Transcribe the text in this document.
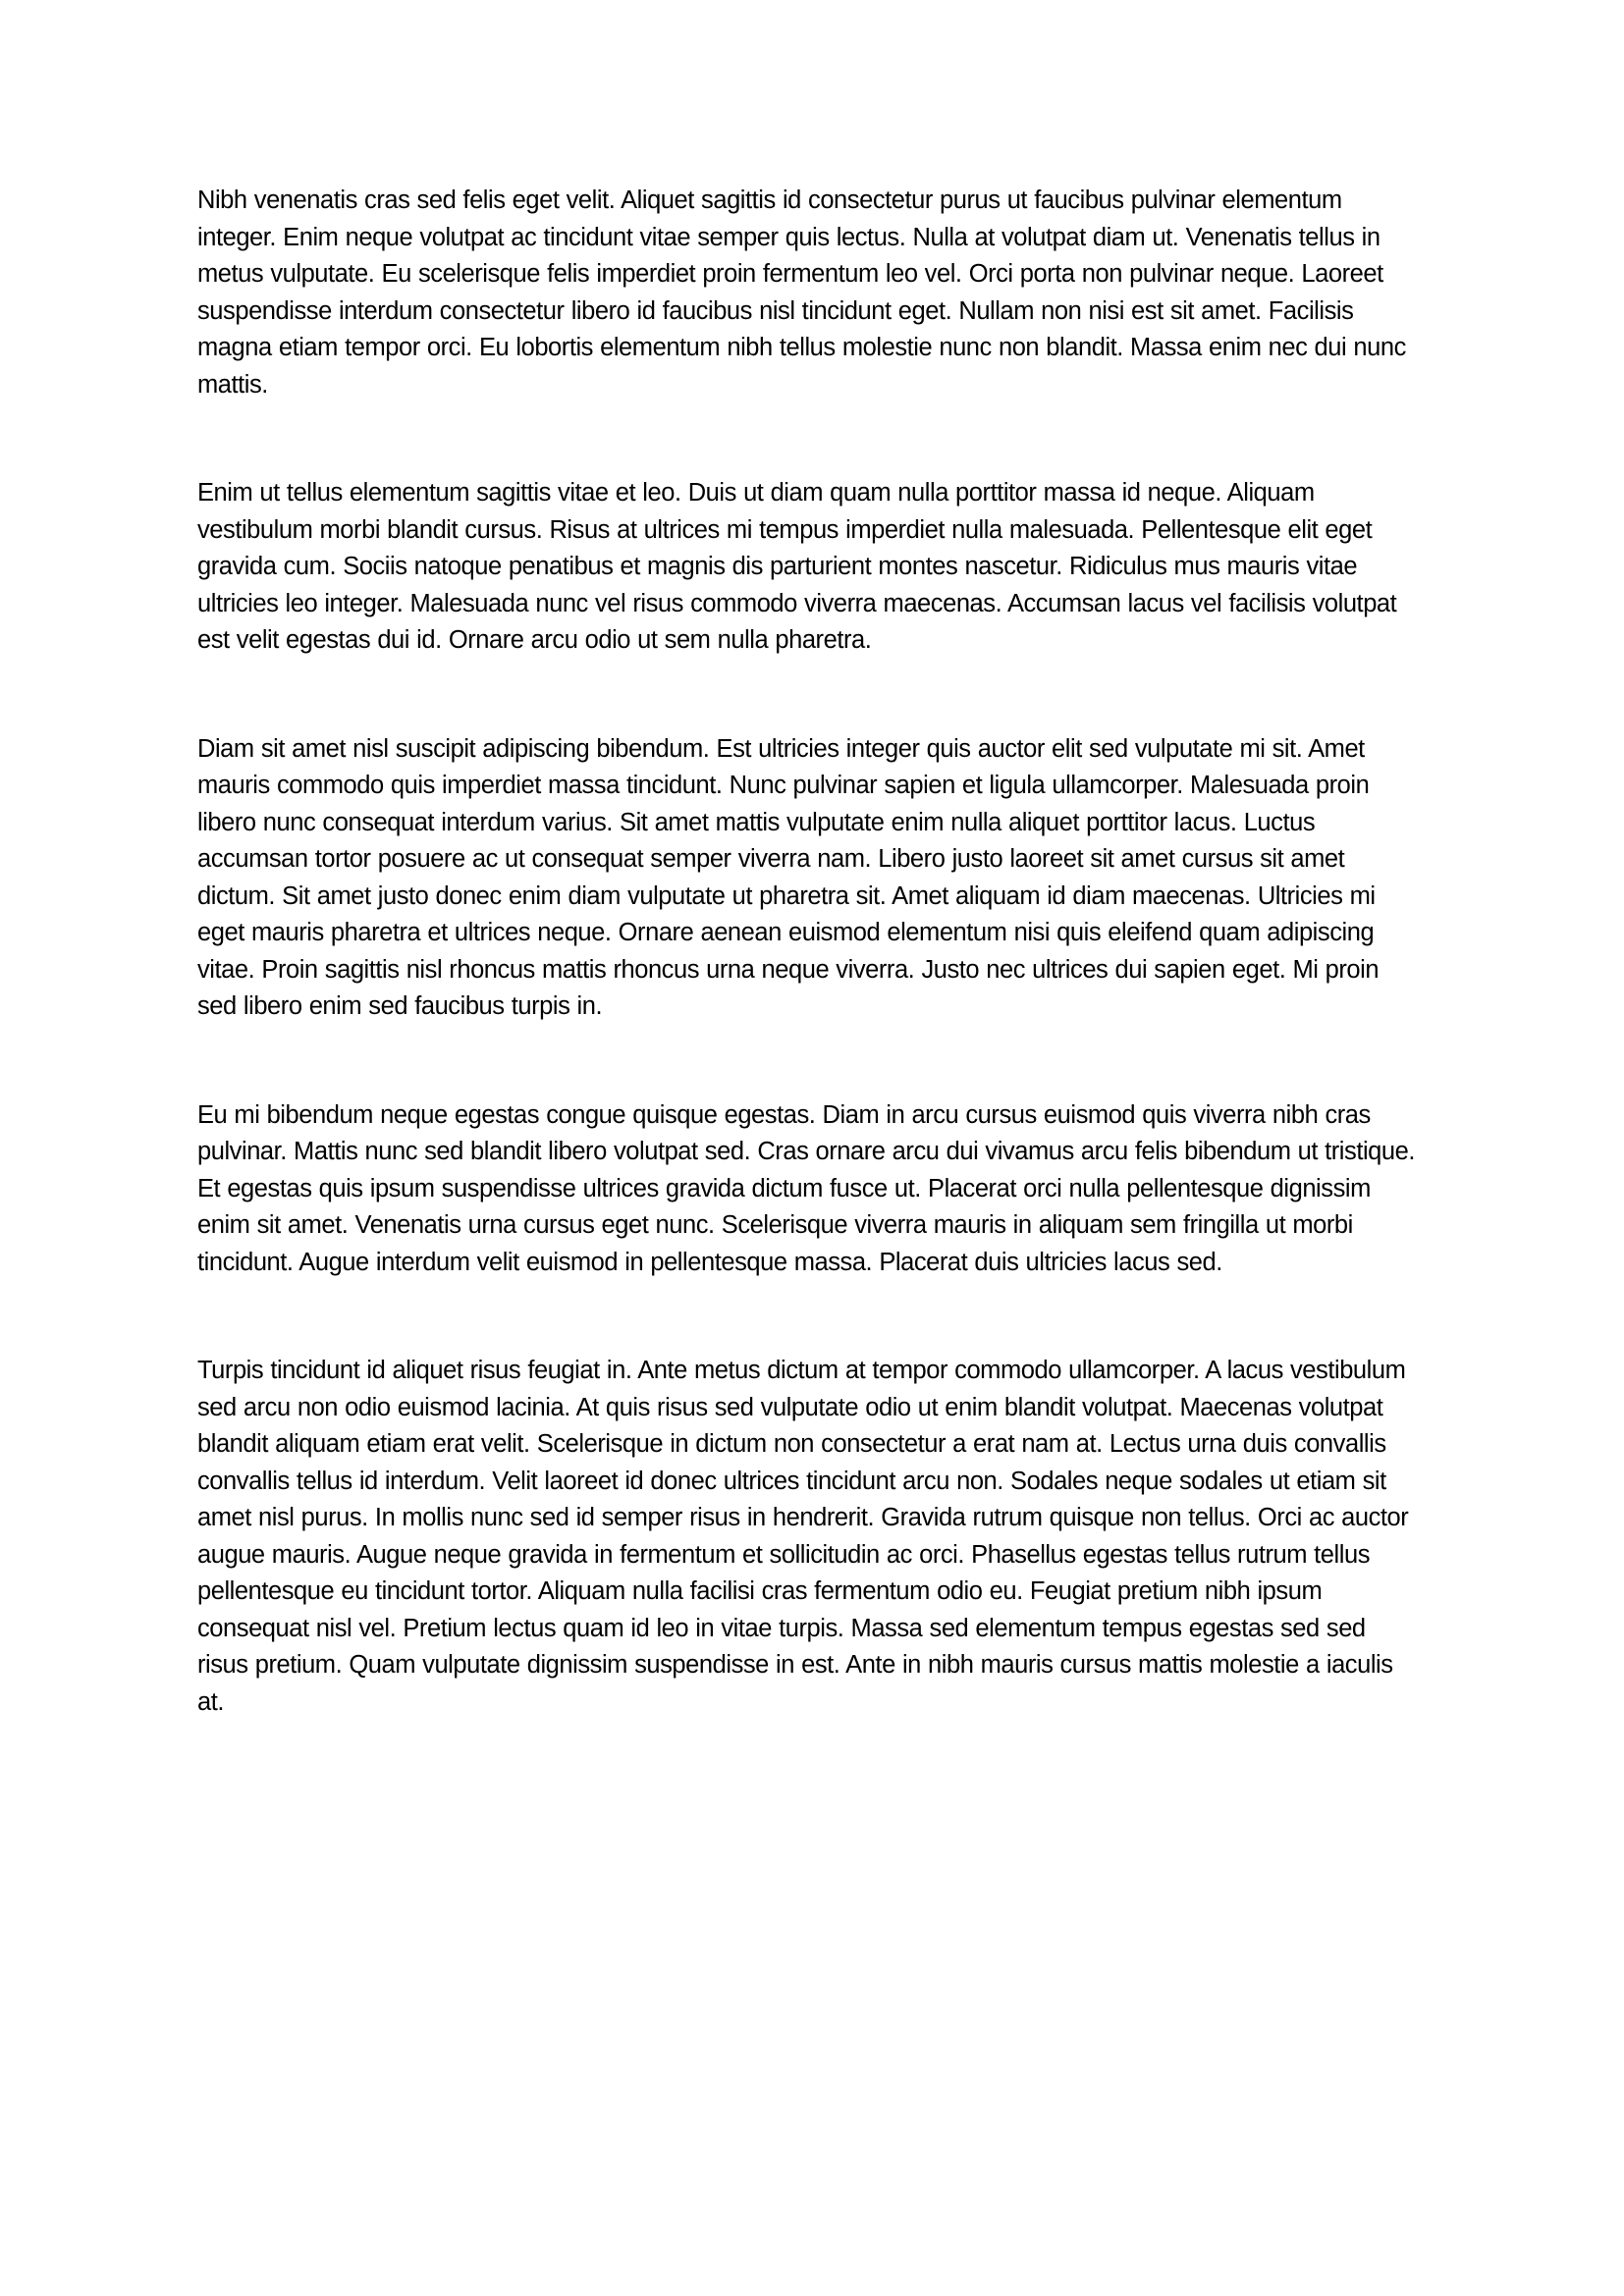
Nibh venenatis cras sed felis eget velit. Aliquet sagittis id consectetur purus ut faucibus pulvinar elementum integer. Enim neque volutpat ac tincidunt vitae semper quis lectus. Nulla at volutpat diam ut. Venenatis tellus in metus vulputate. Eu scelerisque felis imperdiet proin fermentum leo vel. Orci porta non pulvinar neque. Laoreet suspendisse interdum consectetur libero id faucibus nisl tincidunt eget. Nullam non nisi est sit amet. Facilisis magna etiam tempor orci. Eu lobortis elementum nibh tellus molestie nunc non blandit. Massa enim nec dui nunc mattis.

Enim ut tellus elementum sagittis vitae et leo. Duis ut diam quam nulla porttitor massa id neque. Aliquam vestibulum morbi blandit cursus. Risus at ultrices mi tempus imperdiet nulla malesuada. Pellentesque elit eget gravida cum. Sociis natoque penatibus et magnis dis parturient montes nascetur. Ridiculus mus mauris vitae ultricies leo integer. Malesuada nunc vel risus commodo viverra maecenas. Accumsan lacus vel facilisis volutpat est velit egestas dui id. Ornare arcu odio ut sem nulla pharetra.

Diam sit amet nisl suscipit adipiscing bibendum. Est ultricies integer quis auctor elit sed vulputate mi sit. Amet mauris commodo quis imperdiet massa tincidunt. Nunc pulvinar sapien et ligula ullamcorper. Malesuada proin libero nunc consequat interdum varius. Sit amet mattis vulputate enim nulla aliquet porttitor lacus. Luctus accumsan tortor posuere ac ut consequat semper viverra nam. Libero justo laoreet sit amet cursus sit amet dictum. Sit amet justo donec enim diam vulputate ut pharetra sit. Amet aliquam id diam maecenas. Ultricies mi eget mauris pharetra et ultrices neque. Ornare aenean euismod elementum nisi quis eleifend quam adipiscing vitae. Proin sagittis nisl rhoncus mattis rhoncus urna neque viverra. Justo nec ultrices dui sapien eget. Mi proin sed libero enim sed faucibus turpis in.

Eu mi bibendum neque egestas congue quisque egestas. Diam in arcu cursus euismod quis viverra nibh cras pulvinar. Mattis nunc sed blandit libero volutpat sed. Cras ornare arcu dui vivamus arcu felis bibendum ut tristique. Et egestas quis ipsum suspendisse ultrices gravida dictum fusce ut. Placerat orci nulla pellentesque dignissim enim sit amet. Venenatis urna cursus eget nunc. Scelerisque viverra mauris in aliquam sem fringilla ut morbi tincidunt. Augue interdum velit euismod in pellentesque massa. Placerat duis ultricies lacus sed.

Turpis tincidunt id aliquet risus feugiat in. Ante metus dictum at tempor commodo ullamcorper. A lacus vestibulum sed arcu non odio euismod lacinia. At quis risus sed vulputate odio ut enim blandit volutpat. Maecenas volutpat blandit aliquam etiam erat velit. Scelerisque in dictum non consectetur a erat nam at. Lectus urna duis convallis convallis tellus id interdum. Velit laoreet id donec ultrices tincidunt arcu non. Sodales neque sodales ut etiam sit amet nisl purus. In mollis nunc sed id semper risus in hendrerit. Gravida rutrum quisque non tellus. Orci ac auctor augue mauris. Augue neque gravida in fermentum et sollicitudin ac orci. Phasellus egestas tellus rutrum tellus pellentesque eu tincidunt tortor. Aliquam nulla facilisi cras fermentum odio eu. Feugiat pretium nibh ipsum consequat nisl vel. Pretium lectus quam id leo in vitae turpis. Massa sed elementum tempus egestas sed sed risus pretium. Quam vulputate dignissim suspendisse in est. Ante in nibh mauris cursus mattis molestie a iaculis at.
